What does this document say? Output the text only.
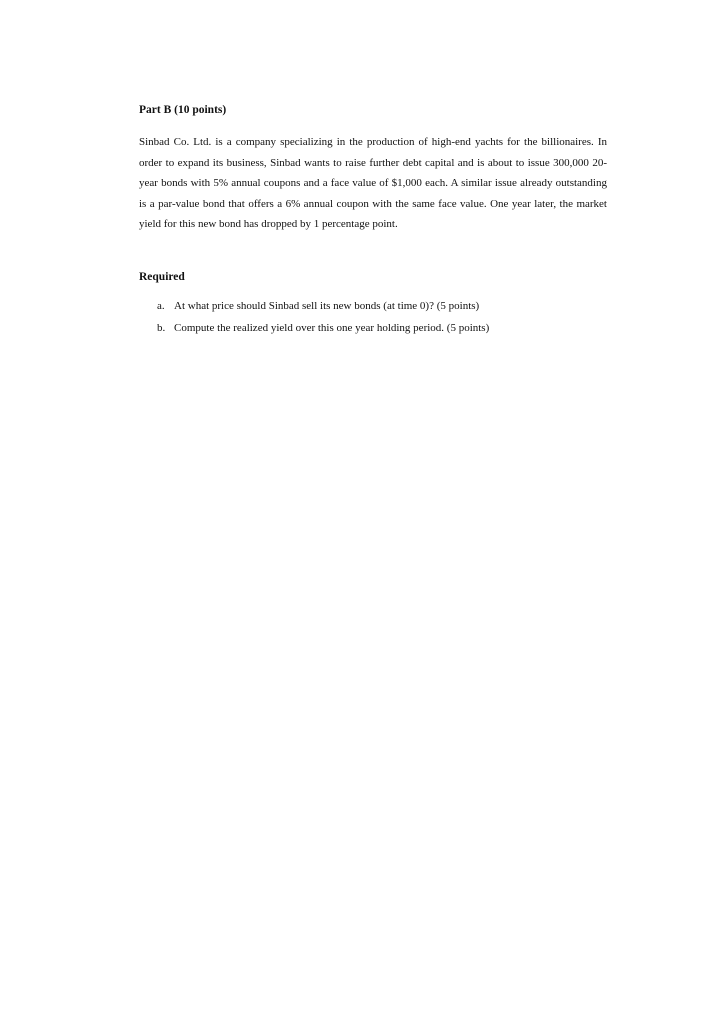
Part B (10 points)

Sinbad Co. Ltd. is a company specializing in the production of high-end yachts for the billionaires. In order to expand its business, Sinbad wants to raise further debt capital and is about to issue 300,000 20-year bonds with 5% annual coupons and a face value of $1,000 each. A similar issue already outstanding is a par-value bond that offers a 6% annual coupon with the same face value. One year later, the market yield for this new bond has dropped by 1 percentage point.

Required

a. At what price should Sinbad sell its new bonds (at time 0)? (5 points)
b. Compute the realized yield over this one year holding period. (5 points)
